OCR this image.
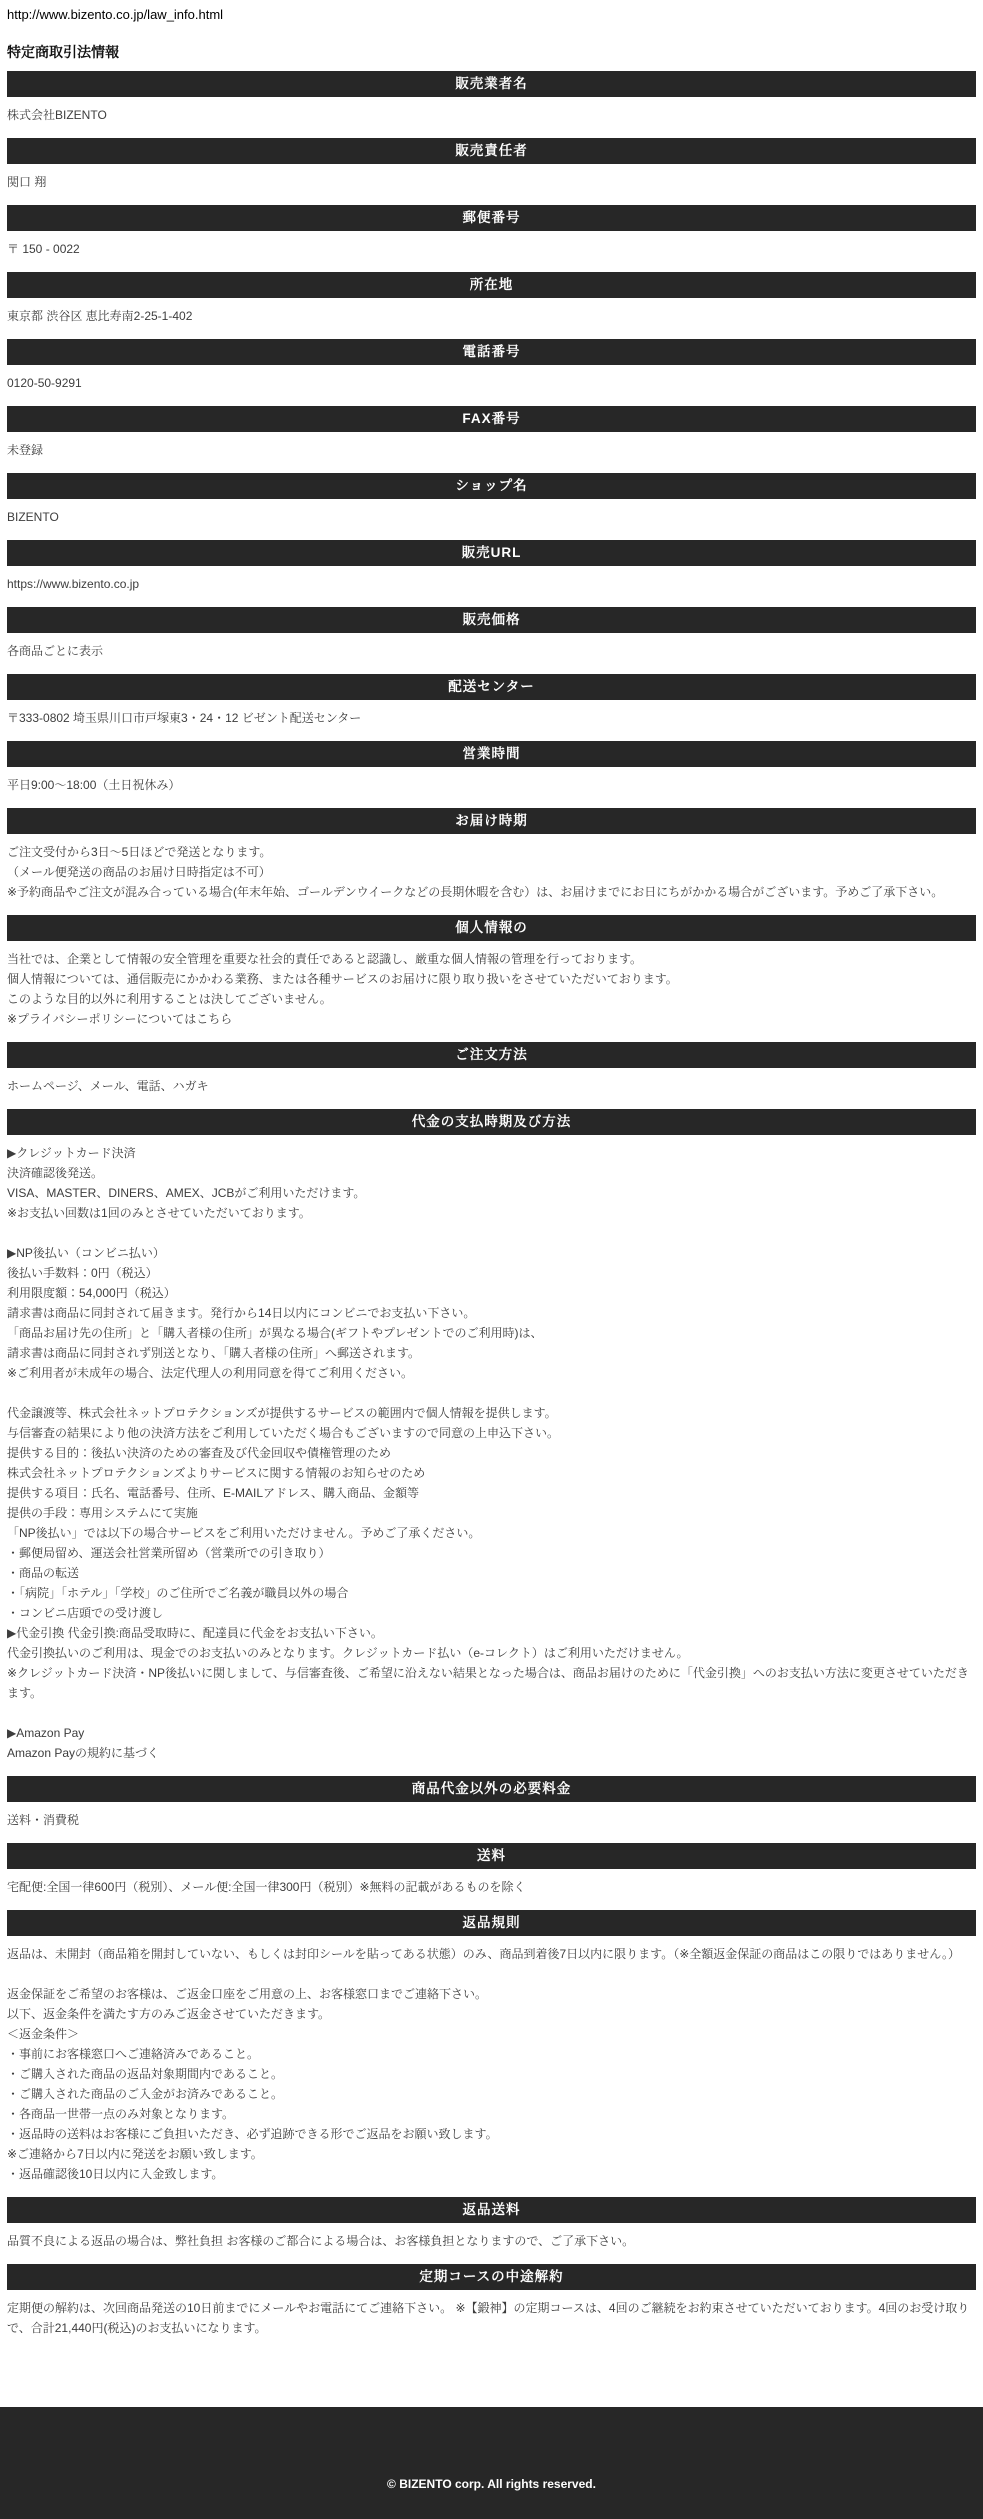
http://www.bizento.co.jp/law_info.html
特定商取引法情報
販売業者名
株式会社BIZENTO
販売責任者
関口 翔
郵便番号
〒 150 - 0022
所在地
東京都 渋谷区 恵比寿南2-25-1-402
電話番号
0120-50-9291
FAX番号
未登録
ショップ名
BIZENTO
販売URL
https://www.bizento.co.jp
販売価格
各商品ごとに表示
配送センター
〒333-0802 埼玉県川口市戸塚東3・24・12 ビゼント配送センター
営業時間
平日9:00〜18:00（土日祝休み）
お届け時期
ご注文受付から3日〜5日ほどで発送となります。
（メール便発送の商品のお届け日時指定は不可）
※予約商品やご注文が混み合っている場合(年末年始、ゴールデンウイークなどの長期休暇を含む）は、お届けまでにお日にちがかかる場合がございます。予めご了承下さい。
個人情報の
当社では、企業として情報の安全管理を重要な社会的責任であると認識し、厳重な個人情報の管理を行っております。
個人情報については、通信販売にかかわる業務、または各種サービスのお届けに限り取り扱いをさせていただいております。
このような目的以外に利用することは決してございません。
※プライバシーポリシーについてはこちら
ご注文方法
ホームページ、メール、電話、ハガキ
代金の支払時期及び方法
▶クレジットカード決済
決済確認後発送。
VISA、MASTER、DINERS、AMEX、JCBがご利用いただけます。
※お支払い回数は1回のみとさせていただいております。
▶NP後払い（コンビニ払い）
後払い手数料：0円（税込）
利用限度額：54,000円（税込）
請求書は商品に同封されて届きます。発行から14日以内にコンビニでお支払い下さい。
「商品お届け先の住所」と「購入者様の住所」が異なる場合(ギフトやプレゼントでのご利用時)は、
請求書は商品に同封されず別送となり、「購入者様の住所」へ郵送されます。
※ご利用者が未成年の場合、法定代理人の利用同意を得てご利用ください。
代金譲渡等、株式会社ネットプロテクションズが提供するサービスの範囲内で個人情報を提供します。
与信審査の結果により他の決済方法をご利用していただく場合もございますので同意の上申込下さい。
提供する目的：後払い決済のための審査及び代金回収や債権管理のため
株式会社ネットプロテクションズよりサービスに関する情報のお知らせのため
提供する項目：氏名、電話番号、住所、E-MAILアドレス、購入商品、金額等
提供の手段：専用システムにて実施
「NP後払い」では以下の場合サービスをご利用いただけません。予めご了承ください。
・郵便局留め、運送会社営業所留め（営業所での引き取り）
・商品の転送
・「病院」「ホテル」「学校」のご住所でご名義が職員以外の場合
・コンビニ店頭での受け渡し
▶代金引換 代金引換:商品受取時に、配達員に代金をお支払い下さい。
代金引換払いのご利用は、現金でのお支払いのみとなります。クレジットカード払い（e-コレクト）はご利用いただけません。
※クレジットカード決済・NP後払いに関しまして、与信審査後、ご希望に沿えない結果となった場合は、商品お届けのために「代金引換」へのお支払い方法に変更させていただきます。
▶Amazon Pay
Amazon Payの規約に基づく
商品代金以外の必要料金
送料・消費税
送料
宅配便:全国一律600円（税別）、メール便:全国一律300円（税別）※無料の記載があるものを除く
返品規則
返品は、未開封（商品箱を開封していない、もしくは封印シールを貼ってある状態）のみ、商品到着後7日以内に限ります。（※全額返金保証の商品はこの限りではありません。）
返金保証をご希望のお客様は、ご返金口座をご用意の上、お客様窓口までご連絡下さい。
以下、返金条件を満たす方のみご返金させていただきます。
＜返金条件＞
・事前にお客様窓口へご連絡済みであること。
・ご購入された商品の返品対象期間内であること。
・ご購入された商品のご入金がお済みであること。
・各商品一世帯一点のみ対象となります。
・返品時の送料はお客様にご負担いただき、必ず追跡できる形でご返品をお願い致します。
※ご連絡から7日以内に発送をお願い致します。
・返品確認後10日以内に入金致します。
返品送料
品質不良による返品の場合は、弊社負担 お客様のご都合による場合は、お客様負担となりますので、ご了承下さい。
定期コースの中途解約
定期便の解約は、次回商品発送の10日前までにメールやお電話にてご連絡下さい。 ※【鍛神】の定期コースは、4回のご継続をお約束させていただいております。4回のお受け取りで、合計21,440円(税込)のお支払いになります。
© BIZENTO corp. All rights reserved.
